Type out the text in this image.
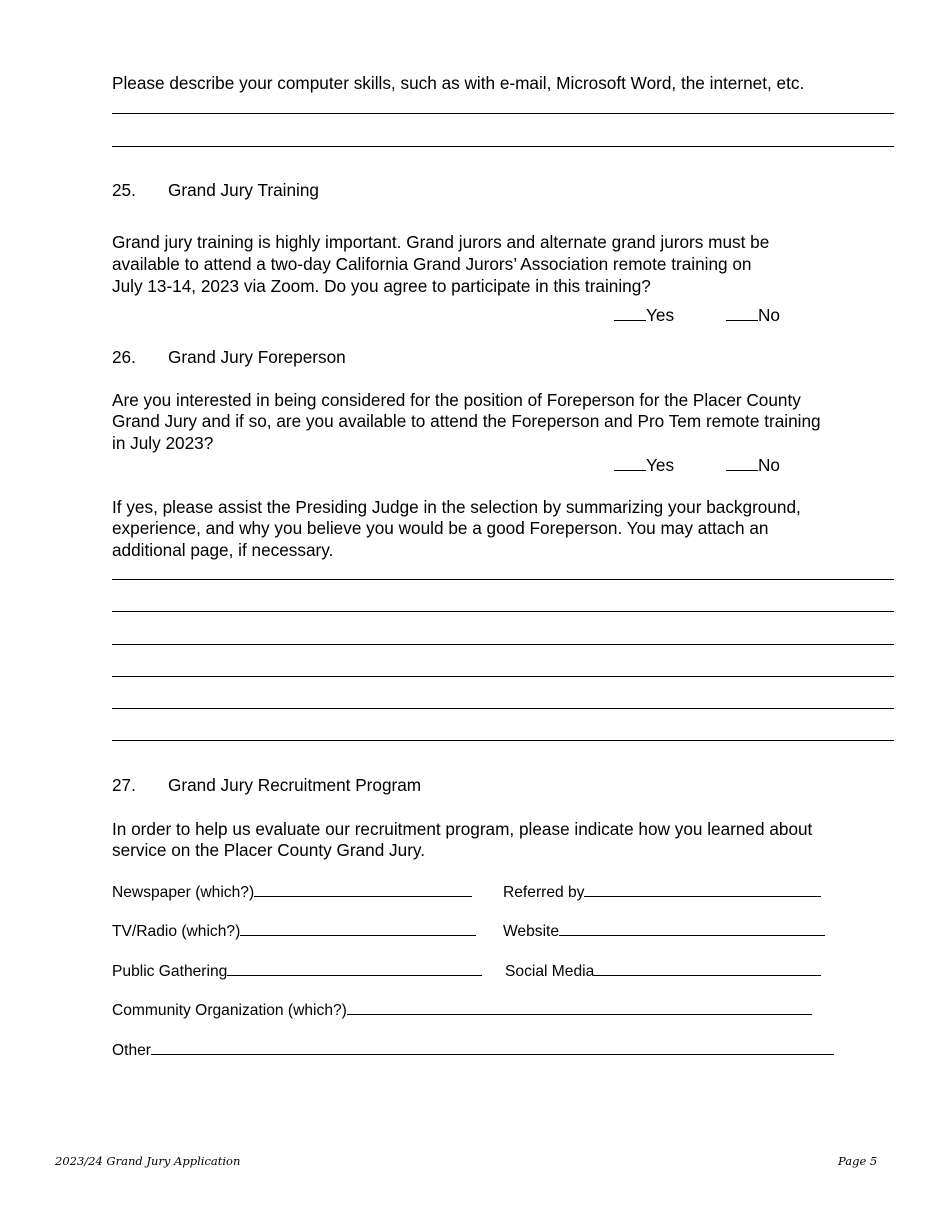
Please describe your computer skills, such as with e-mail, Microsoft Word, the internet, etc.
25. Grand Jury Training
Grand jury training is highly important. Grand jurors and alternate grand jurors must be
available to attend a two-day California Grand Jurors’ Association remote training on
July 13-14, 2023 via Zoom. Do you agree to participate in this training?
Yes	No
26. Grand Jury Foreperson
Are you interested in being considered for the position of Foreperson for the Placer County
Grand Jury and if so, are you available to attend the Foreperson and Pro Tem remote training
in July 2023?
Yes	No
If yes, please assist the Presiding Judge in the selection by summarizing your background,
experience, and why you believe you would be a good Foreperson. You may attach an
additional page, if necessary.
27. Grand Jury Recruitment Program
In order to help us evaluate our recruitment program, please indicate how you learned about
service on the Placer County Grand Jury.
Newspaper (which?)	Referred by
TV/Radio (which?)	Website
Public Gathering	Social Media
Community Organization (which?)
Other
2023/24 Grand Jury Application	Page 5
